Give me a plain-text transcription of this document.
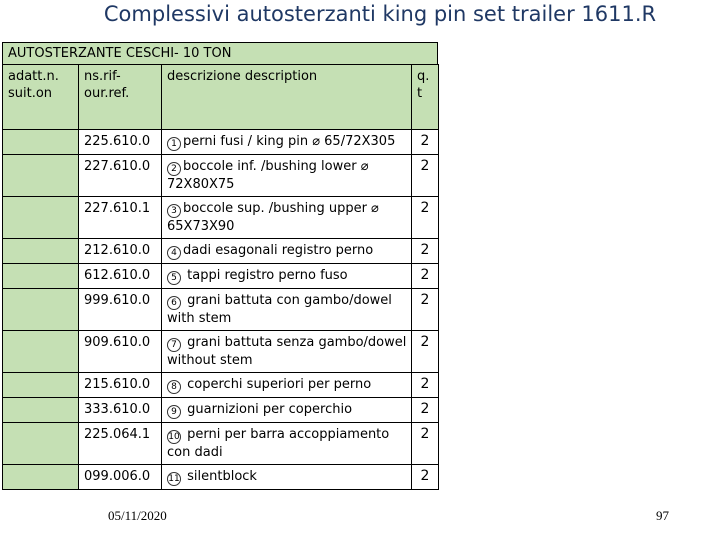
Complessivi autosterzanti king pin set trailer 1611.R
AUTOSTERZANTE CESCHI- 10 TON
adatt.n. suit.on	ns.rif- our.ref.	descrizione description	q. t
	225.610.0	1 perni fusi / king pin ⌀ 65/72X305	2
	227.610.0	2 boccole inf. /bushing lower ⌀ 72X80X75	2
	227.610.1	3 boccole sup. /bushing upper ⌀ 65X73X90	2
	212.610.0	4 dadi esagonali registro perno	2
	612.610.0	5 tappi registro perno fuso	2
	999.610.0	6 grani battuta con gambo/dowel with stem	2
	909.610.0	7 grani battuta senza gambo/dowel without stem	2
	215.610.0	8 coperchi superiori per perno	2
	333.610.0	9 guarnizioni per coperchio	2
	225.064.1	10 perni per barra accoppiamento con dadi	2
	099.006.0	11 silentblock	2
05/11/2020	97
